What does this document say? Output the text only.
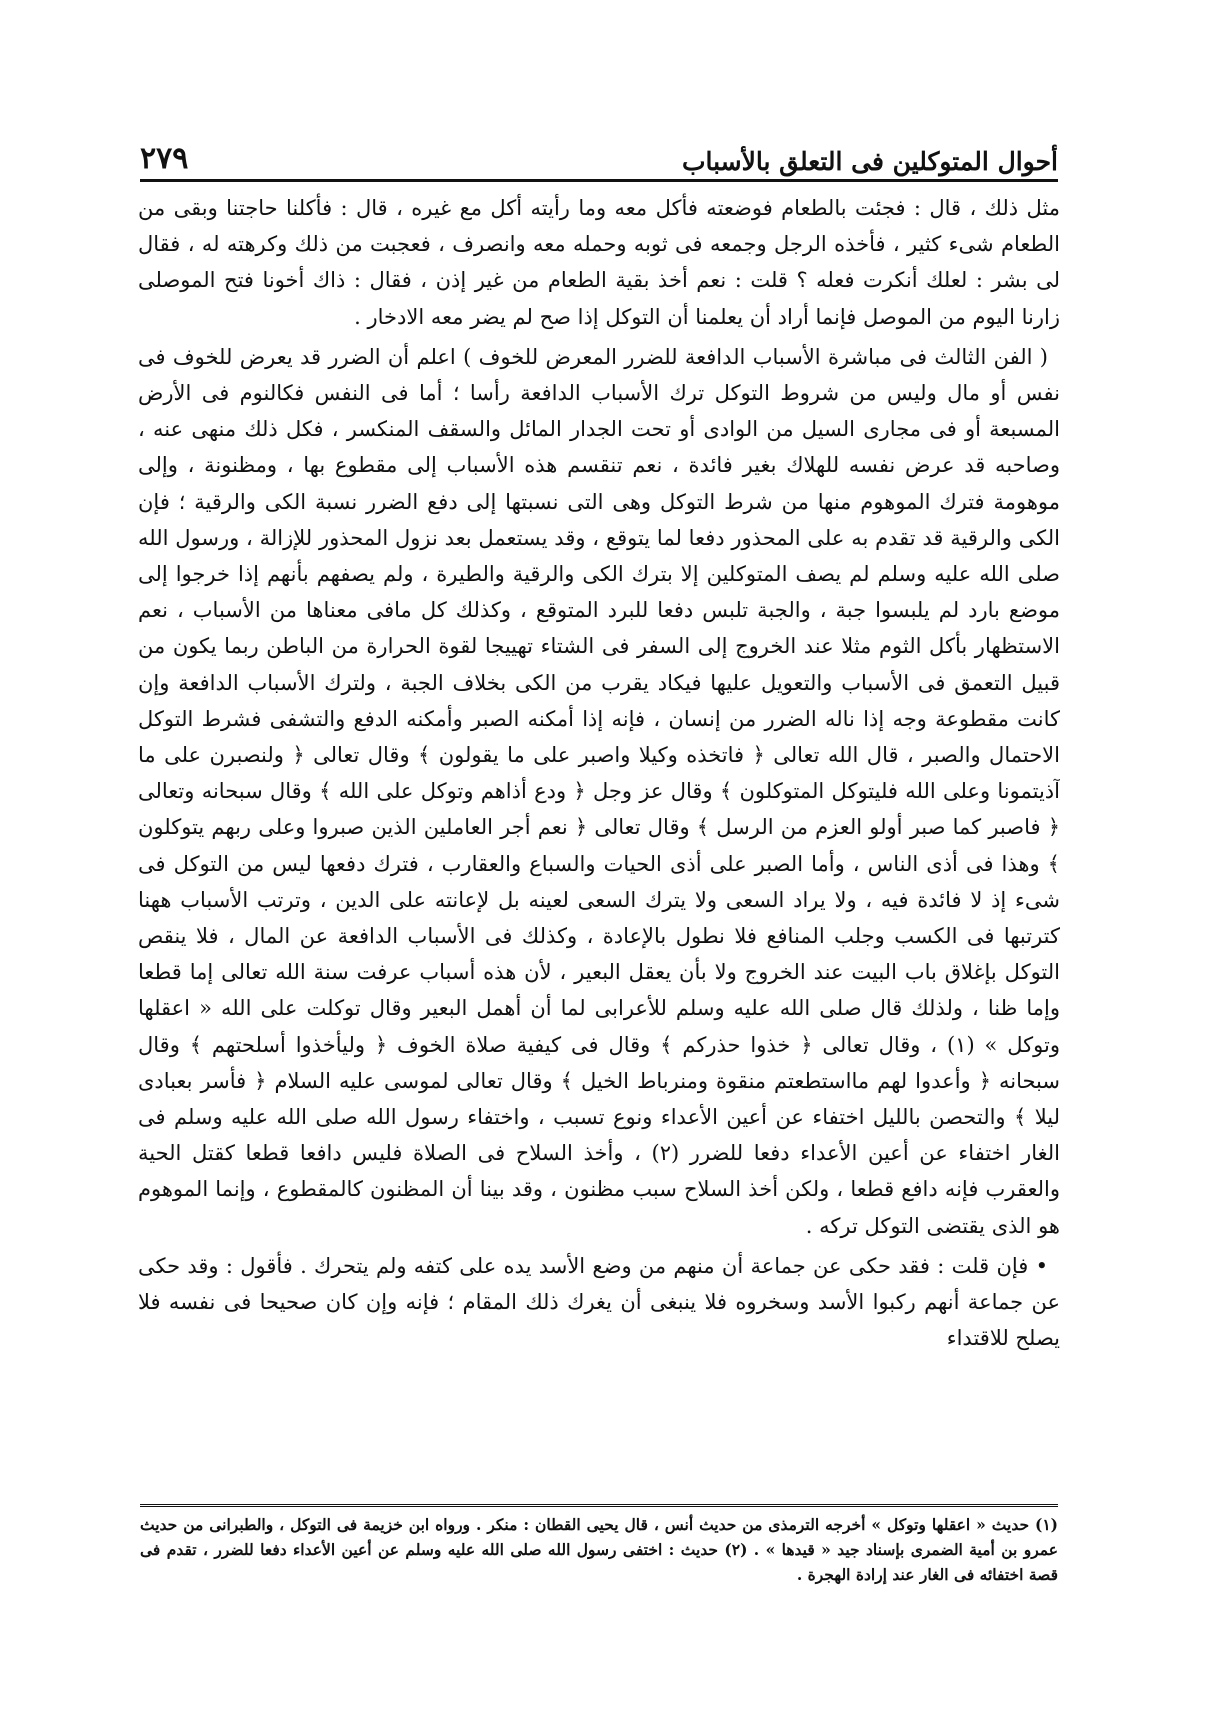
أحوال المتوكلين فى التعلق بالأسباب
٢٧٩

مثل ذلك ، قال : فجئت بالطعام فوضعته فأكل معه وما رأيته أكل مع غيره ، قال : فأكلنا حاجتنا وبقى من الطعام شىء كثير ، فأخذه الرجل وجمعه فى ثوبه وحمله معه وانصرف ، فعجبت من ذلك وكرهته له ، فقال لى بشر : لعلك أنكرت فعله ؟ قلت : نعم أخذ بقية الطعام من غير إذن ، فقال : ذاك أخونا فتح الموصلى زارنا اليوم من الموصل فإنما أراد أن يعلمنا أن التوكل إذا صح لم يضر معه الادخار .

( الفن الثالث فى مباشرة الأسباب الدافعة للضرر المعرض للخوف ) اعلم أن الضرر قد يعرض للخوف فى نفس أو مال وليس من شروط التوكل ترك الأسباب الدافعة رأسا ؛ أما فى النفس فكالنوم فى الأرض المسبعة أو فى مجارى السيل من الوادى أو تحت الجدار المائل والسقف المنكسر ، فكل ذلك منهى عنه ، وصاحبه قد عرض نفسه للهلاك بغير فائدة ، نعم تنقسم هذه الأسباب إلى مقطوع بها ، ومظنونة ، وإلى موهومة فترك الموهوم منها من شرط التوكل وهى التى نسبتها إلى دفع الضرر نسبة الكى والرقية ؛ فإن الكى والرقية قد تقدم به على المحذور دفعا لما يتوقع ، وقد يستعمل بعد نزول المحذور للإزالة ، ورسول الله صلى الله عليه وسلم لم يصف المتوكلين إلا بترك الكى والرقية والطيرة ، ولم يصفهم بأنهم إذا خرجوا إلى موضع بارد لم يلبسوا جبة ، والجبة تلبس دفعا للبرد المتوقع ، وكذلك كل مافى معناها من الأسباب ، نعم الاستظهار بأكل الثوم مثلا عند الخروج إلى السفر فى الشتاء تهييجا لقوة الحرارة من الباطن ربما يكون من قبيل التعمق فى الأسباب والتعويل عليها فيكاد يقرب من الكى بخلاف الجبة ، ولترك الأسباب الدافعة وإن كانت مقطوعة وجه إذا ناله الضرر من إنسان ، فإنه إذا أمكنه الصبر وأمكنه الدفع والتشفى فشرط التوكل الاحتمال والصبر ، قال الله تعالى ﴿ فاتخذه وكيلا واصبر على ما يقولون ﴾ وقال تعالى ﴿ ولنصبرن على ما آذيتمونا وعلى الله فليتوكل المتوكلون ﴾ وقال عز وجل ﴿ ودع أذاهم وتوكل على الله ﴾ وقال سبحانه وتعالى ﴿ فاصبر كما صبر أولو العزم من الرسل ﴾ وقال تعالى ﴿ نعم أجر العاملين الذين صبروا وعلى ربهم يتوكلون ﴾ وهذا فى أذى الناس ، وأما الصبر على أذى الحيات والسباع والعقارب ، فترك دفعها ليس من التوكل فى شىء إذ لا فائدة فيه ، ولا يراد السعى ولا يترك السعى لعينه بل لإعانته على الدين ، وترتب الأسباب ههنا كترتبها فى الكسب وجلب المنافع فلا نطول بالإعادة ، وكذلك فى الأسباب الدافعة عن المال ، فلا ينقص التوكل بإغلاق باب البيت عند الخروج ولا بأن يعقل البعير ، لأن هذه أسباب عرفت سنة الله تعالى إما قطعا وإما ظنا ، ولذلك قال صلى الله عليه وسلم للأعرابى لما أن أهمل البعير وقال توكلت على الله « اعقلها وتوكل » (١) ، وقال تعالى ﴿ خذوا حذركم ﴾ وقال فى كيفية صلاة الخوف ﴿ وليأخذوا أسلحتهم ﴾ وقال سبحانه ﴿ وأعدوا لهم مااستطعتم منقوة ومنرباط الخيل ﴾ وقال تعالى لموسى عليه السلام ﴿ فأسر بعبادى ليلا ﴾ والتحصن بالليل اختفاء عن أعين الأعداء ونوع تسبب ، واختفاء رسول الله صلى الله عليه وسلم فى الغار اختفاء عن أعين الأعداء دفعا للضرر (٢) ، وأخذ السلاح فى الصلاة فليس دافعا قطعا كقتل الحية والعقرب فإنه دافع قطعا ، ولكن أخذ السلاح سبب مظنون ، وقد بينا أن المظنون كالمقطوع ، وإنما الموهوم هو الذى يقتضى التوكل تركه .

• فإن قلت : فقد حكى عن جماعة أن منهم من وضع الأسد يده على كتفه ولم يتحرك . فأقول : وقد حكى عن جماعة أنهم ركبوا الأسد وسخروه فلا ينبغى أن يغرك ذلك المقام ؛ فإنه وإن كان صحيحا فى نفسه فلا يصلح للاقتداء

(١) حديث « اعقلها وتوكل » أخرجه الترمذى من حديث أنس ، قال يحيى القطان : منكر . ورواه ابن خزيمة فى التوكل ، والطبرانى من حديث عمرو بن أمية الضمرى بإسناد جيد « قيدها » . (٢) حديث : اختفى رسول الله صلى الله عليه وسلم عن أعين الأعداء دفعا للضرر ، تقدم فى قصة اختفائه فى الغار عند إرادة الهجرة .
